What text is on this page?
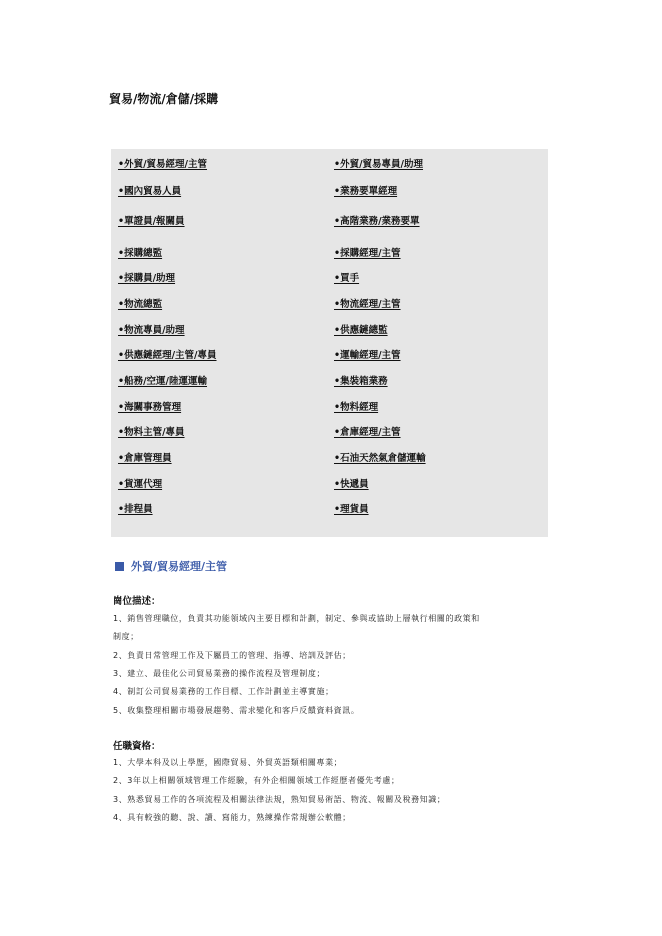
貿易/物流/倉儲/採購
•外貿/貿易經理/主管
•國內貿易人員
•單證員/報關員
•採購總監
•採購員/助理
•物流總監
•物流專員/助理
•供應鏈經理/主管/專員
•船務/空運/陸運運輸
•海關事務管理
•物料主管/專員
•倉庫管理員
•貨運代理
•排程員
•外貿/貿易專員/助理
•業務要單經理
•高階業務/業務要單
•採購經理/主管
•買手
•物流經理/主管
•供應鏈總監
•運輸經理/主管
•集裝箱業務
•物料經理
•倉庫經理/主管
•石油天然氣倉儲運輸
•快遞員
•理貨員
外貿/貿易經理/主管
崗位描述：
1、銷售管理職位，負責其功能領域內主要目標和計劃，制定、參與或協助上層執行相關的政策和
制度；
2、負責日常管理工作及下屬員工的管理、指導、培訓及評估；
3、建立、最佳化公司貿易業務的操作流程及管理制度；
4、制訂公司貿易業務的工作目標、工作計劃並主導實施；
5、收集整理相關市場發展趨勢、需求變化和客戶反饋資料資訊。
任職資格：
1、大學本科及以上學歷，國際貿易、外貿英語類相關專業；
2、3年以上相關領域管理工作經驗，有外企相關領域工作經歷者優先考慮；
3、熟悉貿易工作的各項流程及相關法律法規，熟知貿易術語、物流、報關及稅務知識；
4、具有較強的聽、說、讀、寫能力，熟練操作常規辦公軟體；
